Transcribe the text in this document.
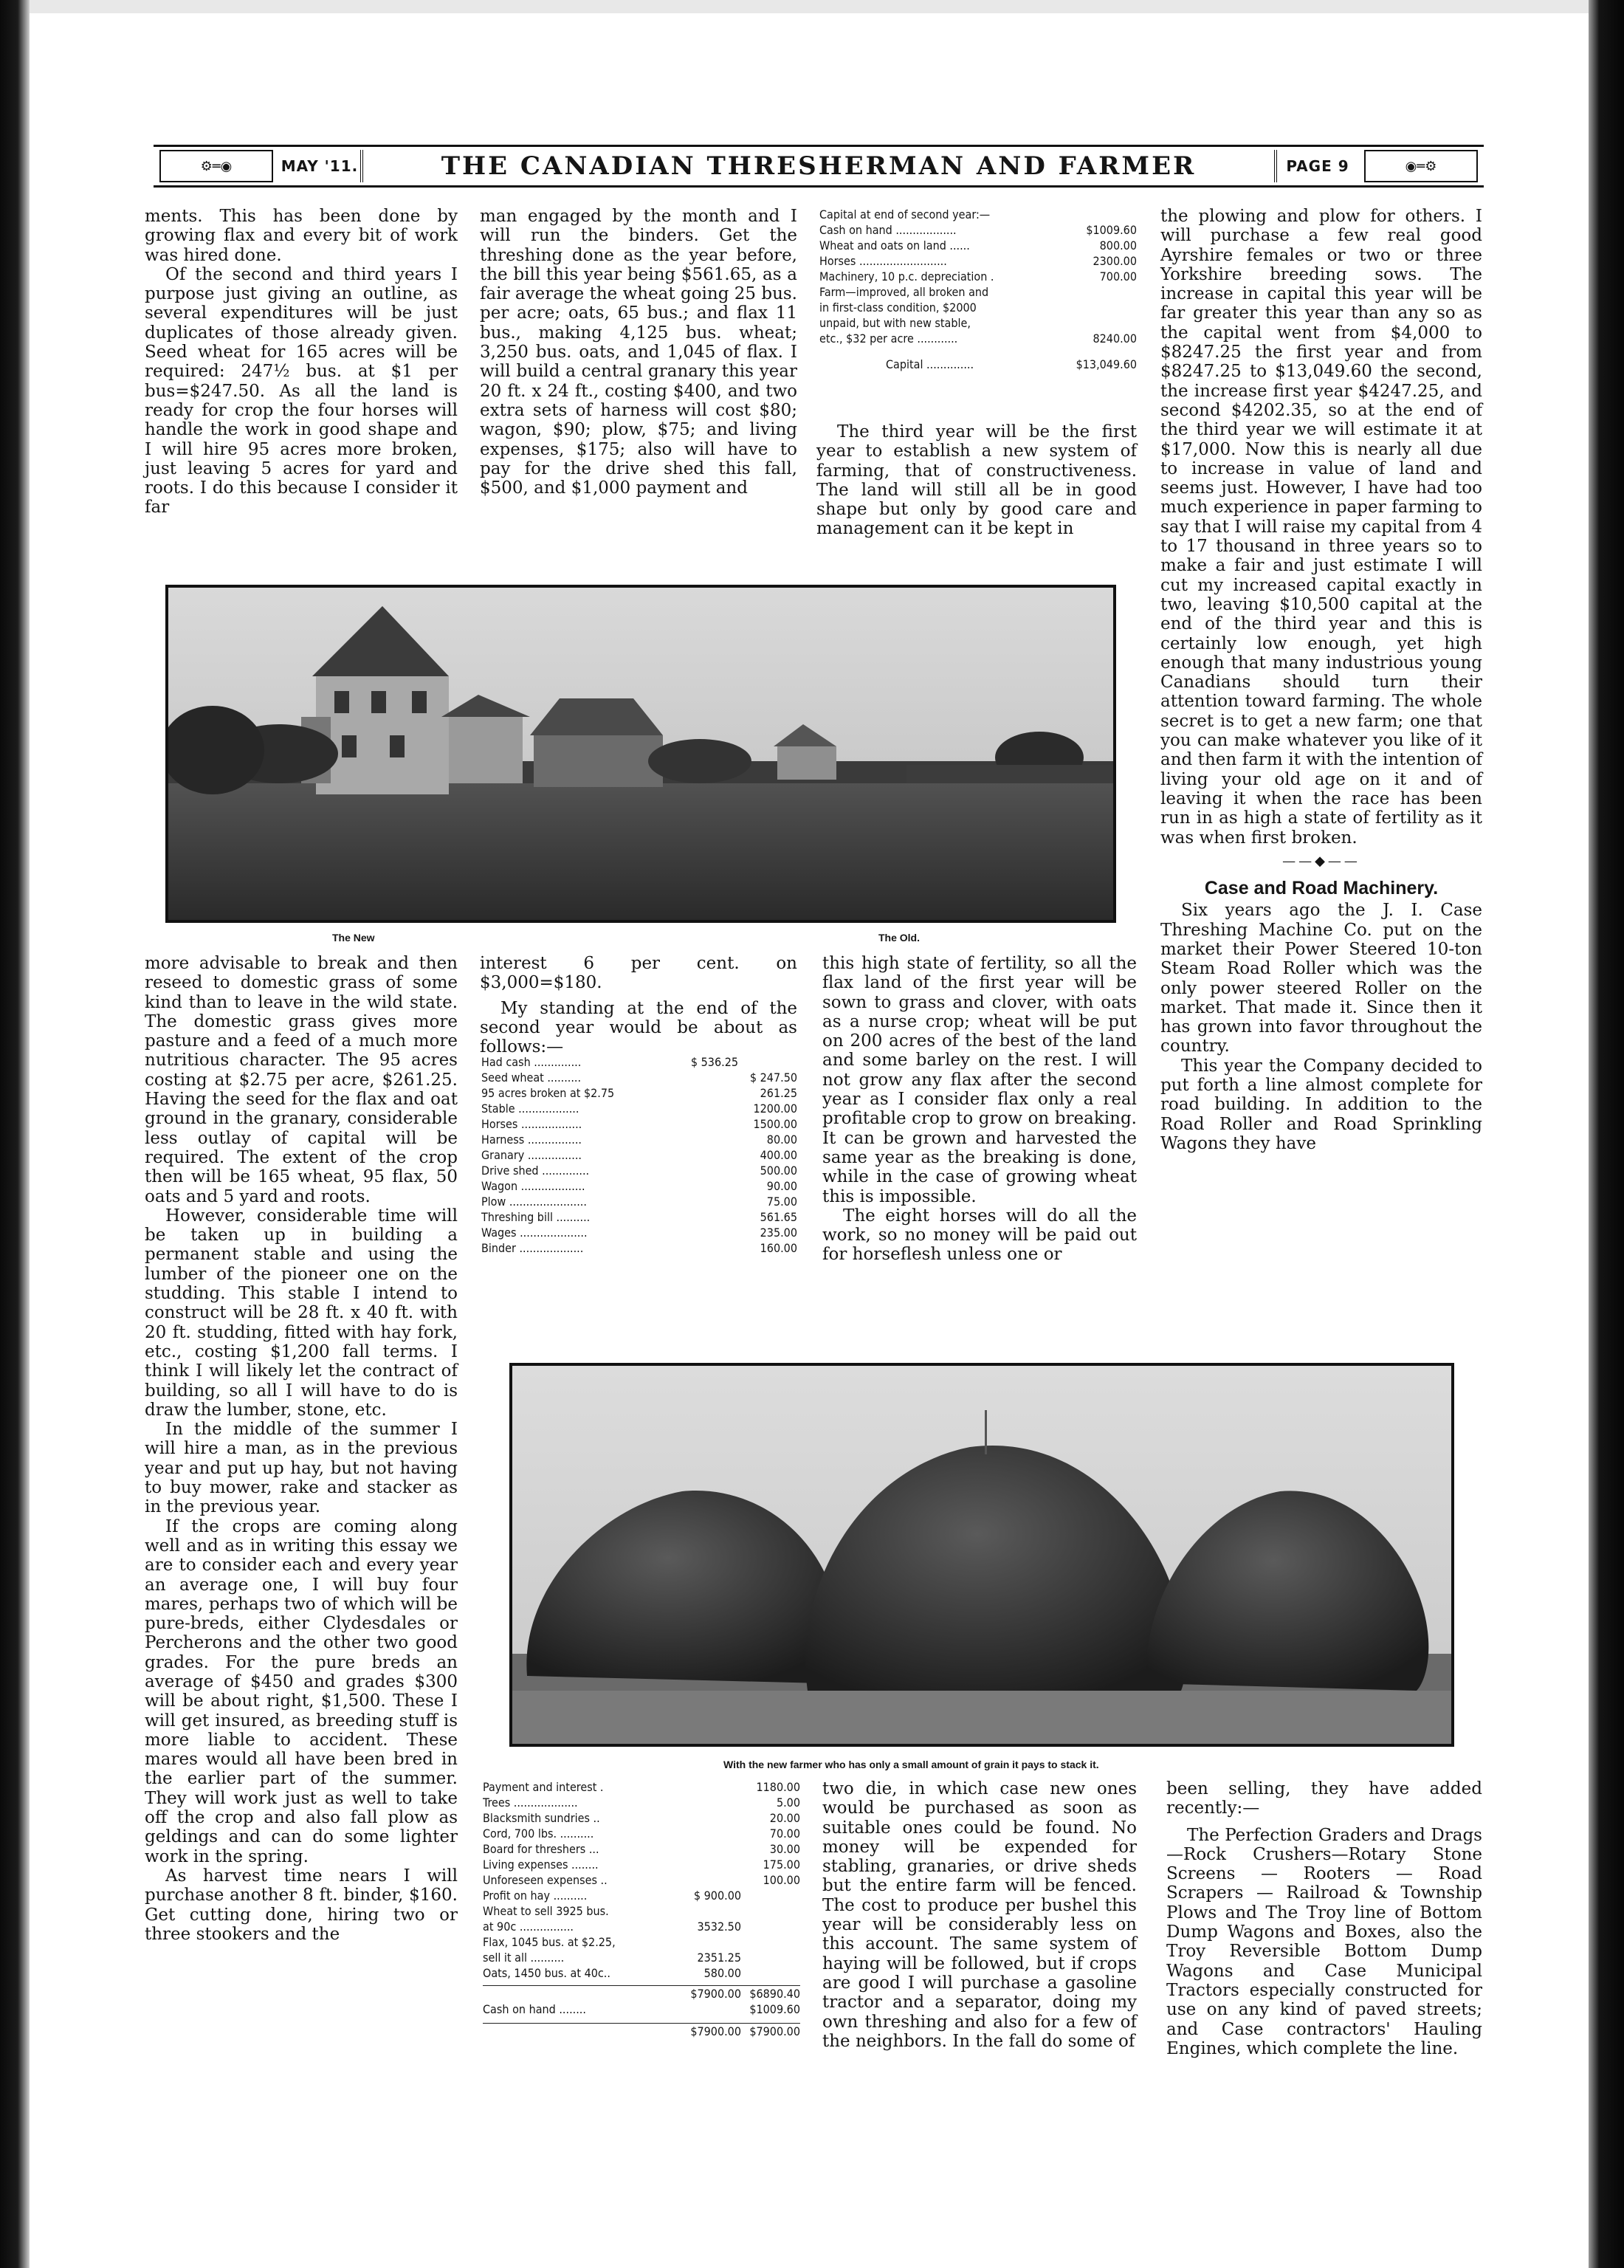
⚙═◉	MAY '11.	THE CANADIAN THRESHERMAN AND FARMER	PAGE 9	◉═⚙

ments. This has been done by growing flax and every bit of work was hired done.

Of the second and third years I purpose just giving an outline, as several expenditures will be just duplicates of those already given. Seed wheat for 165 acres will be required: 247½ bus. at $1 per bus=$247.50. As all the land is ready for crop the four horses will handle the work in good shape and I will hire 95 acres more broken, just leaving 5 acres for yard and roots. I do this because I consider it far

man engaged by the month and I will run the binders. Get the threshing done as the year before, the bill this year being $561.65, as a fair average the wheat going 25 bus. per acre; oats, 65 bus.; and flax 11 bus., making 4,125 bus. wheat; 3,250 bus. oats, and 1,045 of flax. I will build a central granary this year 20 ft. x 24 ft., costing $400, and two extra sets of harness will cost $80; wagon, $90; plow, $75; and living expenses, $175; also will have to pay for the drive shed this fall, $500, and $1,000 payment and

Capital at end of second year:—
Cash on hand ..................	$1009.60
Wheat and oats on land ......	800.00
Horses ..........................	2300.00
Machinery, 10 p.c. depreciation .	700.00
Farm—improved, all broken and
in first-class condition, $2000
unpaid, but with new stable,
etc., $32 per acre ............	8240.00
Capital ..............	$13,049.60

The third year will be the first year to establish a new system of farming, that of constructiveness. The land will still all be in good shape but only by good care and management can it be kept in

the plowing and plow for others. I will purchase a few real good Ayrshire females or two or three Yorkshire breeding sows. The increase in capital this year will be far greater this year than any so as the capital went from $4,000 to $8247.25 the first year and from $8247.25 to $13,049.60 the second, the increase first year $4247.25, and second $4202.35, so at the end of the third year we will estimate it at $17,000. Now this is nearly all due to increase in value of land and seems just. However, I have had too much experience in paper farming to say that I will raise my capital from 4 to 17 thousand in three years so to make a fair and just estimate I will cut my increased capital exactly in two, leaving $10,500 capital at the end of the third year and this is certainly low enough, yet high enough that many industrious young Canadians should turn their attention toward farming. The whole secret is to get a new farm; one that you can make whatever you like of it and then farm it with the intention of living your old age on it and of leaving it when the race has been run in as high a state of fertility as it was when first broken.

——◆——
Case and Road Machinery.

Six years ago the J. I. Case Threshing Machine Co. put on the market their Power Steered 10-ton Steam Road Roller which was the only power steered Roller on the market. That made it. Since then it has grown into favor throughout the country.

This year the Company decided to put forth a line almost complete for road building. In addition to the Road Roller and Road Sprinkling Wagons they have

The New	The Old.

more advisable to break and then reseed to domestic grass of some kind than to leave in the wild state. The domestic grass gives more pasture and a feed of a much more nutritious character. The 95 acres costing at $2.75 per acre, $261.25. Having the seed for the flax and oat ground in the granary, considerable less outlay of capital will be required. The extent of the crop then will be 165 wheat, 95 flax, 50 oats and 5 yard and roots.

However, considerable time will be taken up in building a permanent stable and using the lumber of the pioneer one on the studding. This stable I intend to construct will be 28 ft. x 40 ft. with 20 ft. studding, fitted with hay fork, etc., costing $1,200 fall terms. I think I will likely let the contract of building, so all I will have to do is draw the lumber, stone, etc.

In the middle of the summer I will hire a man, as in the previous year and put up hay, but not having to buy mower, rake and stacker as in the previous year.

If the crops are coming along well and as in writing this essay we are to consider each and every year an average one, I will buy four mares, perhaps two of which will be pure-breds, either Clydesdales or Percherons and the other two good grades. For the pure breds an average of $450 and grades $300 will be about right, $1,500. These I will get insured, as breeding stuff is more liable to accident. These mares would all have been bred in the earlier part of the summer. They will work just as well to take off the crop and also fall plow as geldings and can do some lighter work in the spring.

As harvest time nears I will purchase another 8 ft. binder, $160. Get cutting done, hiring two or three stookers and the

interest 6 per cent. on $3,000=$180.

My standing at the end of the second year would be about as follows:—

Had cash ..............	$ 536.25
Seed wheat ..........	$ 247.50
95 acres broken at $2.75	261.25
Stable ..................	1200.00
Horses ..................	1500.00
Harness ................	80.00
Granary ................	400.00
Drive shed ..............	500.00
Wagon ...................	90.00
Plow .......................	75.00
Threshing bill ..........	561.65
Wages ....................	235.00
Binder ...................	160.00

this high state of fertility, so all the flax land of the first year will be sown to grass and clover, with oats as a nurse crop; wheat will be put on 200 acres of the best of the land and some barley on the rest. I will not grow any flax after the second year as I consider flax only a real profitable crop to grow on breaking. It can be grown and harvested the same year as the breaking is done, while in the case of growing wheat this is impossible.

The eight horses will do all the work, so no money will be paid out for horseflesh unless one or

With the new farmer who has only a small amount of grain it pays to stack it.
Payment and interest .	1180.00
Trees ...................	5.00
Blacksmith sundries ..	20.00
Cord, 700 lbs. ..........	70.00
Board for threshers ...	30.00
Living expenses ........	175.00
Unforeseen expenses ..	100.00
Profit on hay ..........	$ 900.00
Wheat to sell 3925 bus.
at 90c ................	3532.50
Flax, 1045 bus. at $2.25,
sell it all ..........	2351.25
Oats, 1450 bus. at 40c..	580.00
$7900.00 $6890.40
Cash on hand ........	$1009.60
$7900.00 $7900.00

two die, in which case new ones would be purchased as soon as suitable ones could be found. No money will be expended for stabling, granaries, or drive sheds but the entire farm will be fenced. The cost to produce per bushel this year will be considerably less on this account. The same system of haying will be followed, but if crops are good I will purchase a gasoline tractor and a separator, doing my own threshing and also for a few of the neighbors. In the fall do some of

been selling, they have added recently:—

The Perfection Graders and Drags—Rock Crushers—Rotary Stone Screens — Rooters — Road Scrapers — Railroad & Township Plows and The Troy line of Bottom Dump Wagons and Boxes, also the Troy Reversible Bottom Dump Wagons and Case Municipal Tractors especially constructed for use on any kind of paved streets; and Case contractors' Hauling Engines, which complete the line.
